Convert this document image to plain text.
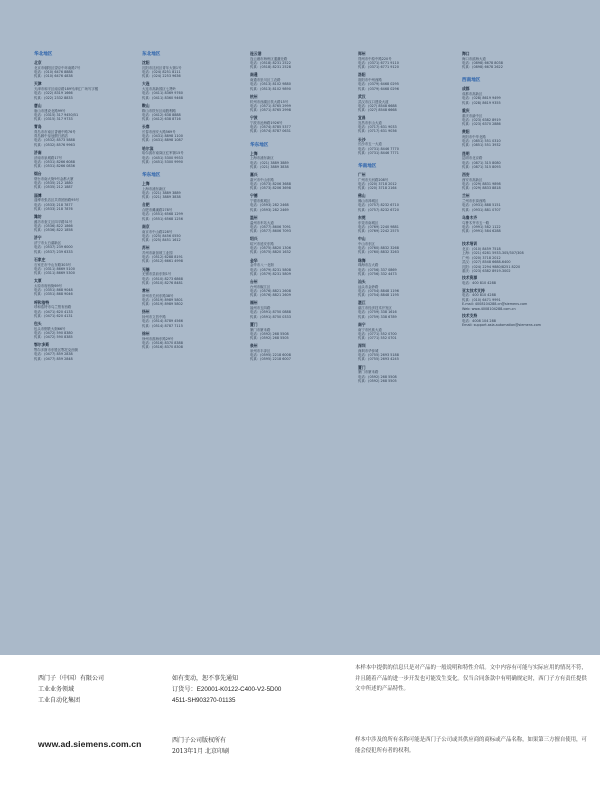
华北地区
北京
北京市朝阳区望京中环南路7号
电话：(010) 6476 8888
传真：(010) 6476 4838
天津
天津市和平区南京路189号津汇广场写字楼
电话：(022) 8319 1666
传真：(022) 2332 8833
唐山
唐山市建设北路99号
电话：(0315) 317 9450/51
传真：(0315) 317 9733
青岛
青岛市市南区香港中路76号
青岛颐中皇冠假日酒店
电话：(0532) 8573 5888
传真：(0532) 8576 9963
济南
济南市泉城路17号
电话：(0531) 8266 6088
传真：(0531) 8266 0836
烟台
烟台市南大街9号金都大厦
电话：(0535) 212 1880
传真：(0535) 212 1887
淄博
淄博市张店区共青团西路95号
电话：(0533) 218 7877
传真：(0533) 218 7876
潍坊
潍坊市奎文区四平路31号
电话：(0536) 822 1866
传真：(0536) 822 1858
济宁
济宁市太白湖新区
电话：(0537) 239 6000
传真：(0537) 239 6333
石家庄
石家庄市中山东路303号
电话：(0311) 8669 5100
传真：(0311) 8669 5300
太原
太原市府西街69号
电话：(0351) 868 9048
传真：(0351) 868 9046
呼和浩特
呼和浩特市乌兰察布西路
电话：(0471) 620 4133
传真：(0471) 620 4131
包头
包头市钢铁大街66号
电话：(0472) 590 8380
传真：(0472) 590 8385
鄂尔多斯
鄂尔多斯市东胜区鄂托克西街
电话：(0477) 859 2838
传真：(0477) 859 2848
东北地区
沈阳
沈阳市沈河区青年大街1号
电话：(024) 8251 8111
传真：(024) 2253 9636
大连
大连市高新园区七贤岭
电话：(0411) 8369 9760
传真：(0411) 8360 9468
鞍山
鞍山市铁东区南胜利路
电话：(0412) 638 8888
传真：(0412) 638 8716
长春
长春市西安大路569号
电话：(0431) 8898 1100
传真：(0431) 8898 1087
哈尔滨
哈尔滨市南岗区红军街15号
电话：(0451) 5300 9933
传真：(0451) 5300 9990
华东地区
上海
上海市浦东新区
电话：(021) 3889 3889
传真：(021) 3889 3838
合肥
合肥市濉溪路278号
电话：(0551) 6568 1299
传真：(0551) 6568 1256
南京
南京市中山路228号
电话：(025) 8456 0550
传真：(025) 8451 1612
苏州
苏州市新加坡工业园
电话：(0512) 6288 8191
传真：(0512) 6661 4998
无锡
无锡市县前东街1号
电话：(0510) 8273 6868
传真：(0510) 8276 8481
常州
常州市关河东路38号
电话：(0519) 8989 5801
传真：(0519) 8989 5802
扬州
扬州市文昌中路
电话：(0514) 8789 4566
传真：(0514) 8787 7115
徐州
徐州市淮海东路29号
电话：(0516) 8370 8388
传真：(0516) 8370 8308
连云港
连云港市海州区通灌北路
电话：(0518) 8231 2522
传真：(0518) 8231 2528
南通
南通市崇川区工农路
电话：(0513) 8102 9880
传真：(0513) 8102 9890
杭州
杭州市西湖区杭大路15号
电话：(0571) 8765 2999
传真：(0571) 8765 2998
宁波
宁波市沧海路1926号
电话：(0574) 8785 5377
传真：(0574) 8787 0631
华东地区
上海
上海市浦东新区
电话：(021) 3889 3889
传真：(021) 3889 3838
嘉兴
嘉兴市中山东路
电话：(0573) 8206 3688
传真：(0573) 8206 3698
宁德
宁德市蕉城区
电话：(0593) 282 2468
传真：(0593) 282 2469
温州
温州市车站大道
电话：(0577) 8606 7091
传真：(0577) 8606 7093
绍兴
绍兴市延安东路
电话：(0575) 8820 1306
传真：(0575) 8820 1632
金华
金华市八一北街
电话：(0579) 8231 5808
传真：(0579) 8231 5809
台州
台州市椒江区
电话：(0576) 8821 2608
传真：(0576) 8821 2609
福州
福州市五四路
电话：(0591) 8750 0888
传真：(0591) 8750 0333
厦门
厦门市厦禾路
电话：(0592) 268 5508
传真：(0592) 268 5505
泉州
泉州市丰泽区
电话：(0595) 2218 6008
传真：(0595) 2218 6007
郑州
郑州市中原中路220号
电话：(0371) 6771 9110
传真：(0371) 6771 9120
洛阳
洛阳市中州西路
电话：(0379) 6468 0295
传真：(0379) 6468 0296
武汉
武汉市汉口建设大道
电话：(027) 8548 6688
传真：(027) 8548 6668
宜昌
宜昌市东山大道
电话：(0717) 631 9033
传真：(0717) 631 9036
长沙
长沙市五一大道
电话：(0731) 8446 7770
传真：(0731) 8446 7771
华南地区
广州
广州市天河路208号
电话：(020) 3718 2012
传真：(020) 3718 2164
佛山
佛山市禅城区
电话：(0757) 8232 6710
传真：(0757) 8232 6720
东莞
东莞市南城区
电话：(0769) 2240 9881
传真：(0769) 2242 2575
中山
中山市东区
电话：(0760) 8832 3268
传真：(0760) 8832 3263
珠海
珠海市吉大路
电话：(0756) 337 0869
传真：(0756) 332 4473
汕头
汕头市金砂路
电话：(0754) 8848 1196
传真：(0754) 8848 1195
湛江
湛江市经济技术开发区
电话：(0759) 338 1616
传真：(0759) 338 6789
南宁
南宁市民族大道
电话：(0771) 552 0700
传真：(0771) 552 0701
深圳
深圳市华侨城
电话：(0755) 2693 5188
传真：(0755) 2693 4245
厦门
厦门市厦禾路
电话：(0592) 268 5508
传真：(0592) 268 5505
海口
海口市滨海大道
电话：(0898) 6678 8038
传真：(0898) 6678 2622
西南地区
成都
成都市高新区
电话：(028) 8619 9499
传真：(028) 8619 9355
重庆
重庆市渝中区
电话：(023) 6382 8919
传真：(023) 6370 2886
贵阳
贵阳市中华北路
电话：(0851) 551 0310
传真：(0851) 551 3932
昆明
昆明市北京路
电话：(0871) 315 8080
传真：(0871) 315 8093
西安
西安市高新区
电话：(029) 8831 9898
传真：(029) 8833 8818
兰州
兰州市东岗西路
电话：(0931) 888 5151
传真：(0931) 881 0707
乌鲁木齐
乌鲁木齐市五一路
电话：(0991) 582 1122
传真：(0991) 584 6288
技术培训
北京：(010) 8459 7518
上海：(021) 6281 5933-305/307/308
广州：(020) 3718 2012
武汉：(027) 8548 6688-6400
沈阳：(024) 2294 9880/8251 8220
重庆：(023) 6382 8919-3002
技术资源
电话：400 810 4288
亚太技术支持
电话：400 810 4288
传真：(010) 6471 9991
E-mail: 4008104288.cn@siemens.com
Web: www.4008104288.com.cn
技术支持
电话：4008 104 288
Email: support.asia.automation@siemens.com
西门子（中国）有限公司
工业业务领域
工业自动化集团
www.ad.siemens.com.cn
如有变动，恕不事先通知
订货号：E20001-K0122-C400-V2-5D00
4511-SH903270-01135
西门子公司版权所有
2013年1月 北京印刷
本样本中提供的信息只是对产品的一般说明和特性介绍。文中内容有可能与实际应用的情况不符，并且随着产品的进一步开发也可能发生变化。仅当合同条款中有明确规定时，西门子方有责任提供文中所述的产品特性。
样本中涉及的所有名称可能是西门子公司或其供应商的商标或产品名称，如果第三方擅自使用，可能会侵犯所有者的权利。
